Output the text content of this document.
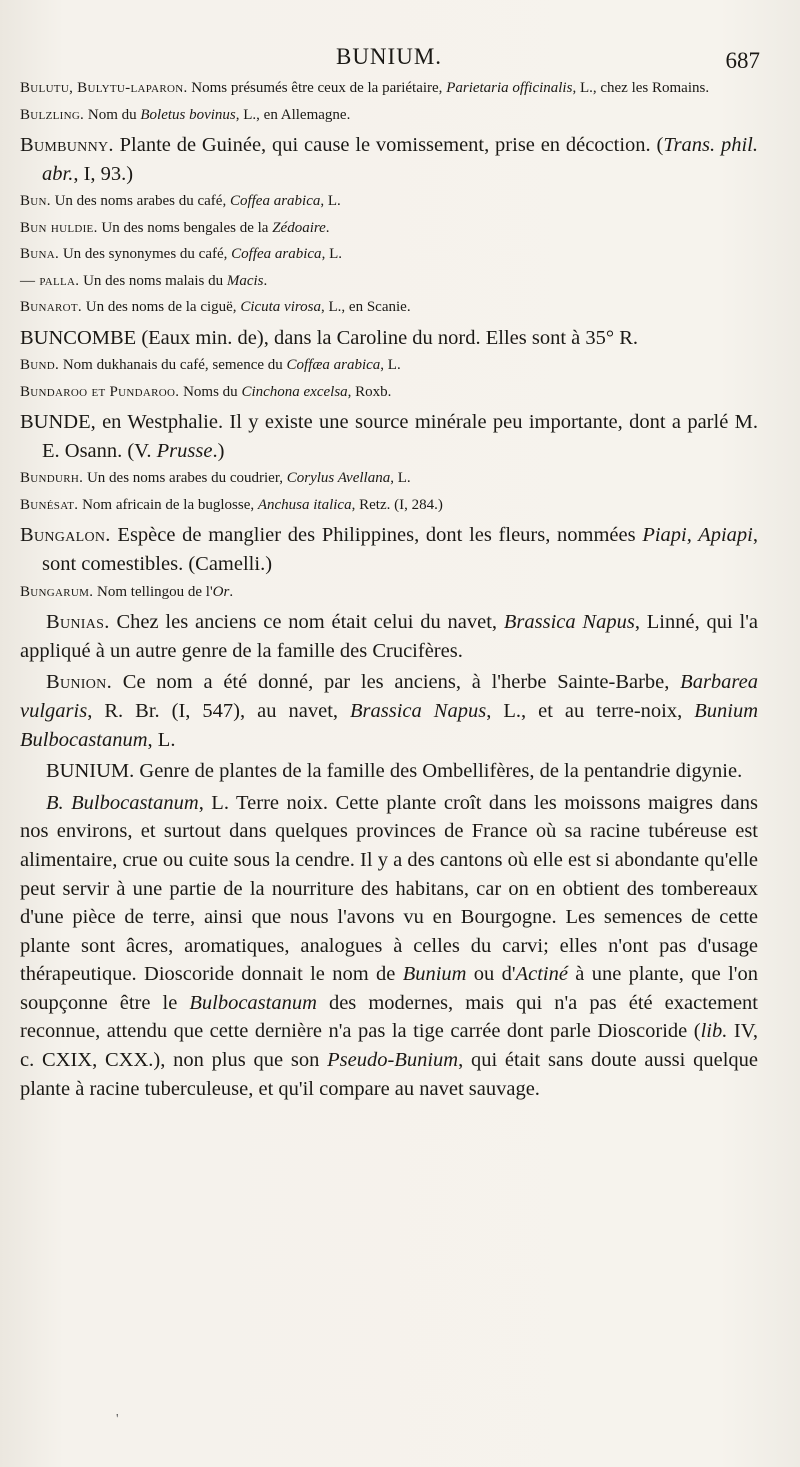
BUNIUM.	687

Bulutu, Bulytu-laparon. Noms présumés être ceux de la pariétaire, Parietaria officinalis, L., chez les Romains.

Bulzling. Nom du Boletus bovinus, L., en Allemagne.

Bumbunny. Plante de Guinée, qui cause le vomissement, prise en décoction. (Trans. phil. abr., I, 93.)

Bun. Un des noms arabes du café, Coffea arabica, L.

Bun huldie. Un des noms bengales de la Zédoaire.

Buna. Un des synonymes du café, Coffea arabica, L.

— palla. Un des noms malais du Macis.

Bunarot. Un des noms de la ciguë, Cicuta virosa, L., en Scanie.

BUNCOMBE (Eaux min. de), dans la Caroline du nord. Elles sont à 35° R.

Bund. Nom dukhanais du café, semence du Coffæa arabica, L.

Bundaroo et Pundaroo. Noms du Cinchona excelsa, Roxb.

BUNDE, en Westphalie. Il y existe une source minérale peu importante, dont a parlé M. E. Osann. (V. Prusse.)

Bundurh. Un des noms arabes du coudrier, Corylus Avellana, L.

Bunésat. Nom africain de la buglosse, Anchusa italica, Retz. (I, 284.)

Bungalon. Espèce de manglier des Philippines, dont les fleurs, nommées Piapi, Apiapi, sont comestibles. (Camelli.)

Bungarum. Nom tellingou de l'Or.

Bunias. Chez les anciens ce nom était celui du navet, Brassica Napus, Linné, qui l'a appliqué à un autre genre de la famille des Crucifères.

Bunion. Ce nom a été donné, par les anciens, à l'herbe Sainte-Barbe, Barbarea vulgaris, R. Br. (I, 547), au navet, Brassica Napus, L., et au terre-noix, Bunium Bulbocastanum, L.

BUNIUM. Genre de plantes de la famille des Ombellifères, de la pentandrie digynie.

B. Bulbocastanum, L. Terre noix. Cette plante croît dans les moissons maigres dans nos environs, et surtout dans quelques provinces de France où sa racine tubéreuse est alimentaire, crue ou cuite sous la cendre. Il y a des cantons où elle est si abondante qu'elle peut servir à une partie de la nourriture des habitans, car on en obtient des tombereaux d'une pièce de terre, ainsi que nous l'avons vu en Bourgogne. Les semences de cette plante sont âcres, aromatiques, analogues à celles du carvi; elles n'ont pas d'usage thérapeutique. Dioscoride donnait le nom de Bunium ou d'Actiné à une plante, que l'on soupçonne être le Bulbocastanum des modernes, mais qui n'a pas été exactement reconnue, attendu que cette dernière n'a pas la tige carrée dont parle Dioscoride (lib. IV, c. CXIX, CXX.), non plus que son Pseudo-Bunium, qui était sans doute aussi quelque plante à racine tuberculeuse, et qu'il compare au navet sauvage.

'
